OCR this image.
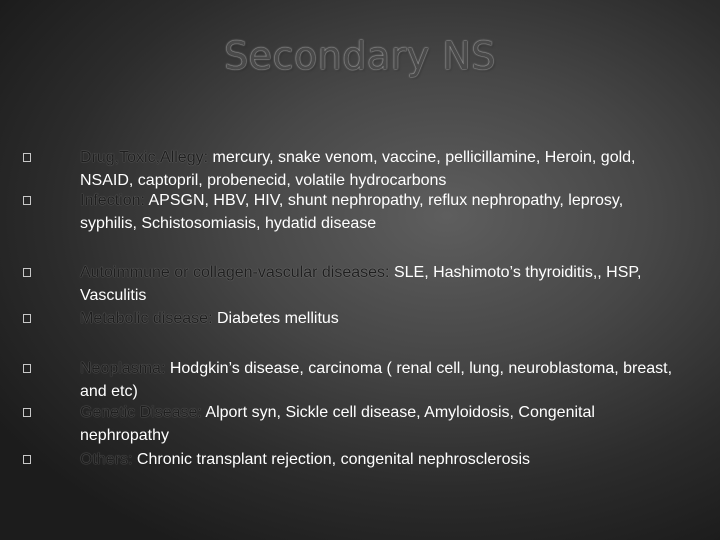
Secondary NS
Drug,Toxic,Allegy: mercury, snake venom, vaccine, pellicillamine, Heroin, gold, NSAID, captopril, probenecid, volatile hydrocarbons
Infection: APSGN, HBV, HIV, shunt nephropathy, reflux nephropathy, leprosy, syphilis, Schistosomiasis, hydatid disease
Autoimmune or collagen-vascular diseases: SLE, Hashimoto’s thyroiditis,, HSP, Vasculitis
Metabolic disease: Diabetes mellitus
Neoplasma: Hodgkin’s disease, carcinoma ( renal cell, lung, neuroblastoma, breast, and etc)
Genetic Disease: Alport syn, Sickle cell disease, Amyloidosis, Congenital nephropathy
Others: Chronic transplant rejection, congenital nephrosclerosis
